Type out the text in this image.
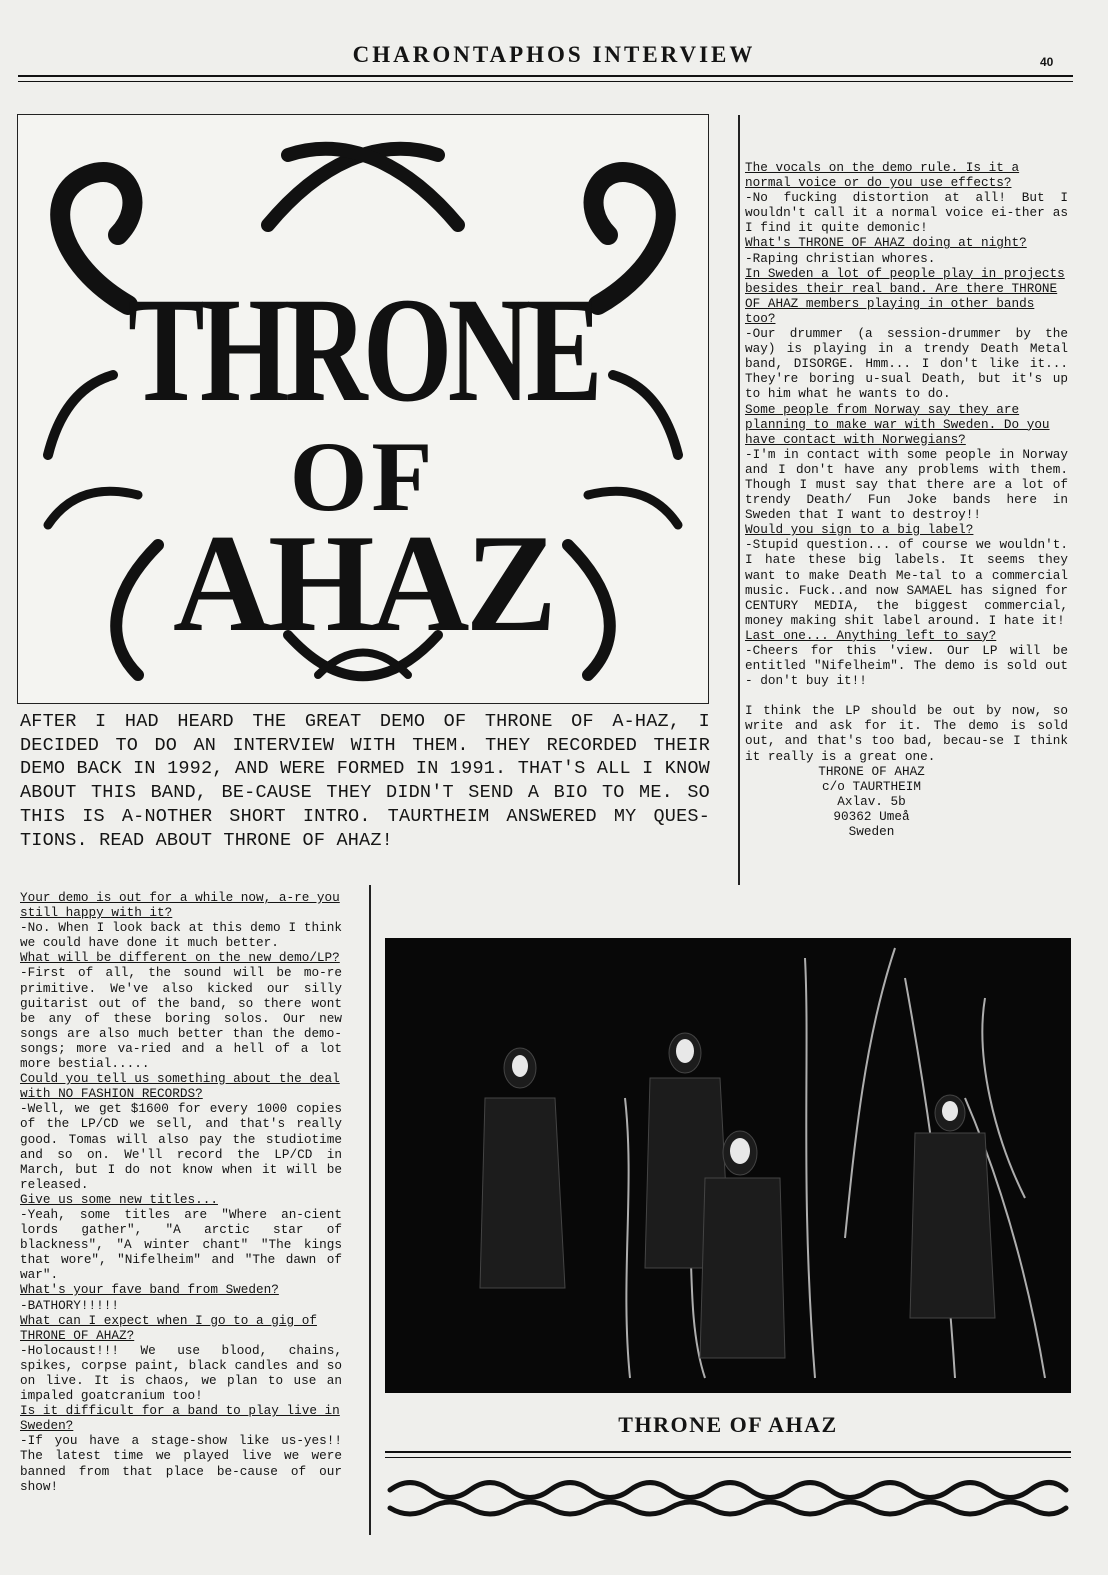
CHARONTAPHOS INTERVIEW	40
THRONE
OF
AHAZ
AFTER I HAD HEARD THE GREAT DEMO OF THRONE OF A-HAZ, I DECIDED TO DO AN INTERVIEW WITH THEM. THEY RECORDED THEIR DEMO BACK IN 1992, AND WERE FORMED IN 1991. THAT'S ALL I KNOW ABOUT THIS BAND, BE-CAUSE THEY DIDN'T SEND A BIO TO ME. SO THIS IS A-NOTHER SHORT INTRO. TAURTHEIM ANSWERED MY QUES-TIONS. READ ABOUT THRONE OF AHAZ!

Your demo is out for a while now, a-re you still happy with it?

-No. When I look back at this demo I think we could have done it much better.

What will be different on the new demo/LP?

-First of all, the sound will be mo-re primitive. We've also kicked our silly guitarist out of the band, so there wont be any of these boring solos. Our new songs are also much better than the demo-songs; more va-ried and a hell of a lot more bestial.....

Could you tell us something about the deal with NO FASHION RECORDS?

-Well, we get $1600 for every 1000 copies of the LP/CD we sell, and that's really good. Tomas will also pay the studiotime and so on. We'll record the LP/CD in March, but I do not know when it will be released.

Give us some new titles...

-Yeah, some titles are "Where an-cient lords gather", "A arctic star of blackness", "A winter chant" "The kings that wore", "Nifelheim" and "The dawn of war".

What's your fave band from Sweden?

-BATHORY!!!!!

What can I expect when I go to a gig of THRONE OF AHAZ?

-Holocaust!!! We use blood, chains, spikes, corpse paint, black candles and so on live. It is chaos, we plan to use an impaled goatcranium too!

Is it difficult for a band to play live in Sweden?

-If you have a stage-show like us-yes!! The latest time we played live we were banned from that place be-cause of our show!

The vocals on the demo rule. Is it a normal voice or do you use effects?

-No fucking distortion at all! But I wouldn't call it a normal voice ei-ther as I find it quite demonic!

What's THRONE OF AHAZ doing at night?

-Raping christian whores.

In Sweden a lot of people play in projects besides their real band. Are there THRONE OF AHAZ members playing in other bands too?

-Our drummer (a session-drummer by the way) is playing in a trendy Death Metal band, DISORGE. Hmm... I don't like it... They're boring u-sual Death, but it's up to him what he wants to do.

Some people from Norway say they are planning to make war with Sweden. Do you have contact with Norwegians?

-I'm in contact with some people in Norway and I don't have any problems with them. Though I must say that there are a lot of trendy Death/ Fun Joke bands here in Sweden that I want to destroy!!

Would you sign to a big label?

-Stupid question... of course we wouldn't. I hate these big labels. It seems they want to make Death Me-tal to a commercial music. Fuck..and now SAMAEL has signed for CENTURY MEDIA, the biggest commercial, money making shit label around. I hate it!

Last one... Anything left to say?

-Cheers for this 'view. Our LP will be entitled "Nifelheim". The demo is sold out - don't buy it!!

I think the LP should be out by now, so write and ask for it. The demo is sold out, and that's too bad, becau-se I think it really is a great one.

THRONE OF AHAZ
c/o TAURTHEIM
Axlav. 5b
90362 Umeå
Sweden
THRONE OF AHAZ
